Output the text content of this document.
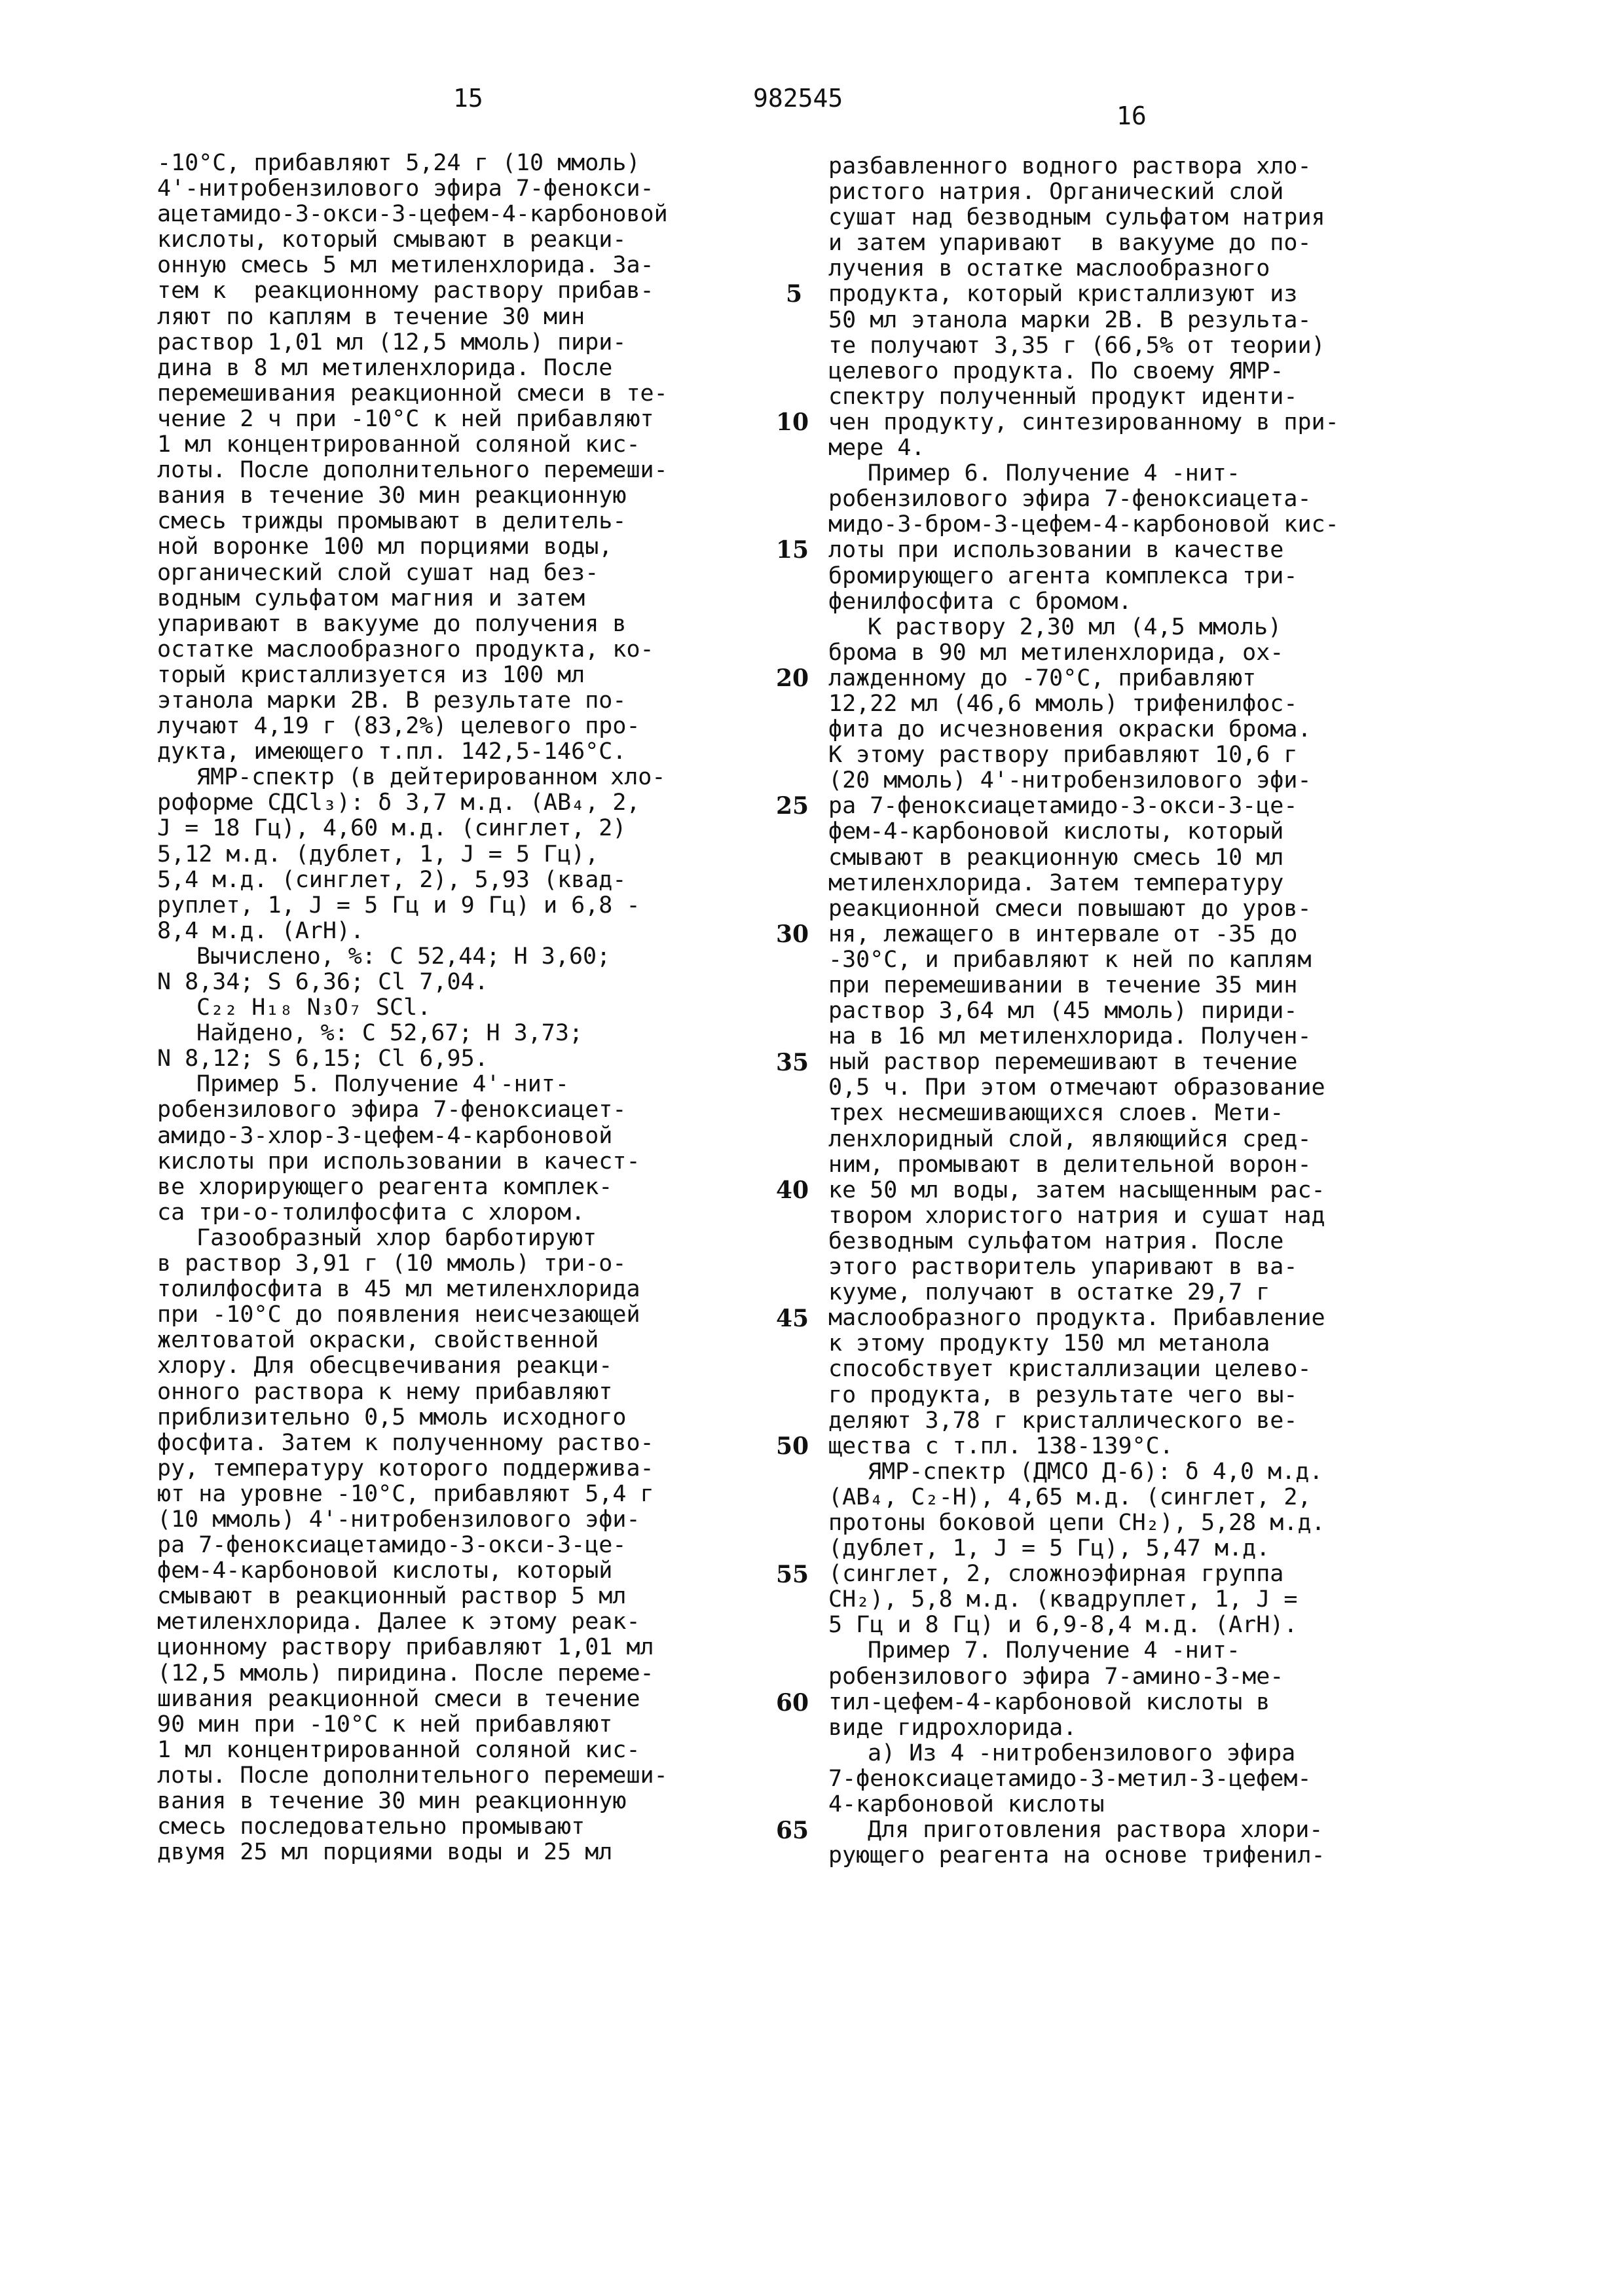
15	982545
16
-10°C, прибавляют 5,24 г (10 ммоль)
4'-нитробензилового эфира 7-фенокси-
ацетамидо-3-окси-3-цефем-4-карбоновой
кислоты, который смывают в реакци-
онную смесь 5 мл метиленхлорида. За-
тем к  реакционному раствору прибав-
ляют по каплям в течение 30 мин
раствор 1,01 мл (12,5 ммоль) пири-
дина в 8 мл метиленхлорида. После
перемешивания реакционной смеси в те-
чение 2 ч при -10°С к ней прибавляют
1 мл концентрированной соляной кис-
лоты. После дополнительного перемеши-
вания в течение 30 мин реакционную
смесь трижды промывают в делитель-
ной воронке 100 мл порциями воды,
органический слой сушат над без-
водным сульфатом магния и затем
упаривают в вакууме до получения в
остатке маслообразного продукта, ко-
торый кристаллизуется из 100 мл
этанола марки 2В. В результате по-
лучают 4,19 г (83,2%) целевого про-
дукта, имеющего т.пл. 142,5-146°С.
ЯМР-спектр (в дейтерированном хло-
роформе СДСl₃): δ 3,7 м.д. (AB₄, 2,
J = 18 Гц), 4,60 м.д. (синглет, 2)
5,12 м.д. (дублет, 1, J = 5 Гц),
5,4 м.д. (синглет, 2), 5,93 (квад-
руплет, 1, J = 5 Гц и 9 Гц) и 6,8 -
8,4 м.д. (ArH).
Вычислено, %: С 52,44; Н 3,60;
N 8,34; S 6,36; Cl 7,04.
C₂₂ H₁₈ N₃O₇ SCl.
Найдено, %: С 52,67; Н 3,73;
N 8,12; S 6,15; Cl 6,95.
Пример 5. Получение 4'-нит-
робензилового эфира 7-феноксиацет-
амидо-3-хлор-3-цефем-4-карбоновой
кислоты при использовании в качест-
ве хлорирующего реагента комплек-
са три-о-толилфосфита с хлором.
Газообразный хлор барботируют
в раствор 3,91 г (10 ммоль) три-о-
толилфосфита в 45 мл метиленхлорида
при -10°С до появления неисчезающей
желтоватой окраски, свойственной
хлору. Для обесцвечивания реакци-
онного раствора к нему прибавляют
приблизительно 0,5 ммоль исходного
фосфита. Затем к полученному раство-
ру, температуру которого поддержива-
ют на уровне -10°С, прибавляют 5,4 г
(10 ммоль) 4'-нитробензилового эфи-
ра 7-феноксиацетамидо-3-окси-3-це-
фем-4-карбоновой кислоты, который
смывают в реакционный раствор 5 мл
метиленхлорида. Далее к этому реак-
ционному раствору прибавляют 1,01 мл
(12,5 ммоль) пиридина. После переме-
шивания реакционной смеси в течение
90 мин при -10°С к ней прибавляют
1 мл концентрированной соляной кис-
лоты. После дополнительного перемеши-
вания в течение 30 мин реакционную
смесь последовательно промывают
двумя 25 мл порциями воды и 25 мл
разбавленного водного раствора хло-
ристого натрия. Органический слой
сушат над безводным сульфатом натрия
и затем упаривают  в вакууме до по-
лучения в остатке маслообразного
продукта, который кристаллизуют из
50 мл этанола марки 2В. В результа-
те получают 3,35 г (66,5% от теории)
целевого продукта. По своему ЯМР-
спектру полученный продукт иденти-
чен продукту, синтезированному в при-
мере 4.
Пример 6. Получение 4 -нит-
робензилового эфира 7-феноксиацета-
мидо-3-бром-3-цефем-4-карбоновой кис-
лоты при использовании в качестве
бромирующего агента комплекса три-
фенилфосфита с бромом.
К раствору 2,30 мл (4,5 ммоль)
брома в 90 мл метиленхлорида, ох-
лажденному до -70°С, прибавляют
12,22 мл (46,6 ммоль) трифенилфос-
фита до исчезновения окраски брома.
К этому раствору прибавляют 10,6 г
(20 ммоль) 4'-нитробензилового эфи-
ра 7-феноксиацетамидо-3-окси-3-це-
фем-4-карбоновой кислоты, который
смывают в реакционную смесь 10 мл
метиленхлорида. Затем температуру
реакционной смеси повышают до уров-
ня, лежащего в интервале от -35 до
-30°С, и прибавляют к ней по каплям
при перемешивании в течение 35 мин
раствор 3,64 мл (45 ммоль) пириди-
на в 16 мл метиленхлорида. Получен-
ный раствор перемешивают в течение
0,5 ч. При этом отмечают образование
трех несмешивающихся слоев. Мети-
ленхлоридный слой, являющийся сред-
ним, промывают в делительной ворон-
ке 50 мл воды, затем насыщенным рас-
твором хлористого натрия и сушат над
безводным сульфатом натрия. После
этого растворитель упаривают в ва-
кууме, получают в остатке 29,7 г
маслообразного продукта. Прибавление
к этому продукту 150 мл метанола
способствует кристаллизации целево-
го продукта, в результате чего вы-
деляют 3,78 г кристаллического ве-
щества с т.пл. 138-139°С.
ЯМР-спектр (ДМСО Д-6): δ 4,0 м.д.
(AB₄, C₂-H), 4,65 м.д. (синглет, 2,
протоны боковой цепи CH₂), 5,28 м.д.
(дублет, 1, J = 5 Гц), 5,47 м.д.
(синглет, 2, сложноэфирная группа
CH₂), 5,8 м.д. (квадруплет, 1, J =
5 Гц и 8 Гц) и 6,9-8,4 м.д. (ArH).
Пример 7. Получение 4 -нит-
робензилового эфира 7-амино-3-ме-
тил-цефем-4-карбоновой кислоты в
виде гидрохлорида.
а) Из 4 -нитробензилового эфира
7-феноксиацетамидо-3-метил-3-цефем-
4-карбоновой кислоты
Для приготовления раствора хлори-
рующего реагента на основе трифенил-
5
10
15
20
25
30
35
40
45
50
55
60
65
